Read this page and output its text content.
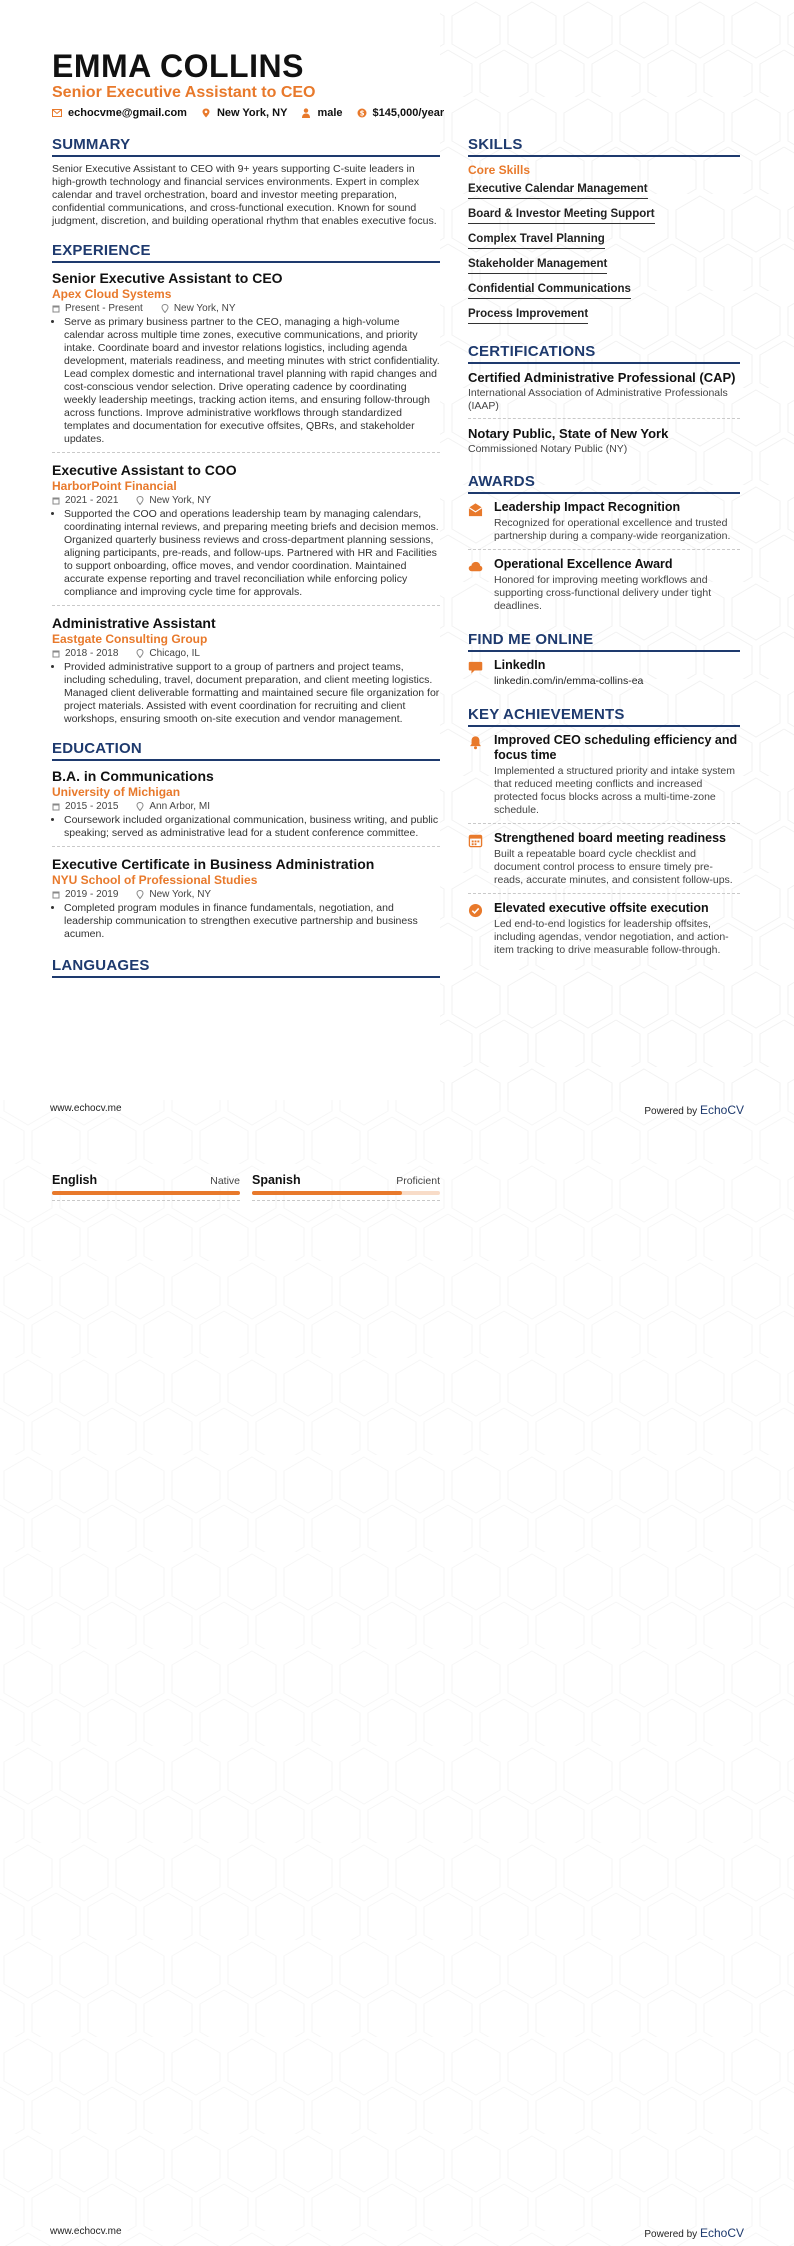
EMMA COLLINS
Senior Executive Assistant to CEO
echocvme@gmail.com	New York, NY	male $ $145,000/year
SUMMARY

Senior Executive Assistant to CEO with 9+ years supporting C-suite leaders in high-growth technology and financial services environments. Expert in complex calendar and travel orchestration, board and investor meeting preparation, confidential communications, and cross-functional execution. Known for sound judgment, discretion, and building operational rhythm that enables executive focus.

EXPERIENCE

Senior Executive Assistant to CEO

Apex Cloud Systems

Present - Present	New York, NY
• Serve as primary business partner to the CEO, managing a high-volume calendar across multiple time zones, executive communications, and priority intake. Coordinate board and investor relations logistics, including agenda development, materials readiness, and meeting minutes with strict confidentiality. Lead complex domestic and international travel planning with rapid changes and cost-conscious vendor selection. Drive operating cadence by coordinating weekly leadership meetings, tracking action items, and ensuring follow-through across functions. Improve administrative workflows through standardized templates and documentation for executive offsites, QBRs, and stakeholder updates.

Executive Assistant to COO

HarborPoint Financial

2021 - 2021	New York, NY
• Supported the COO and operations leadership team by managing calendars, coordinating internal reviews, and preparing meeting briefs and decision memos. Organized quarterly business reviews and cross-department planning sessions, aligning participants, pre-reads, and follow-ups. Partnered with HR and Facilities to support onboarding, office moves, and vendor coordination. Maintained accurate expense reporting and travel reconciliation while enforcing policy compliance and improving cycle time for approvals.

Administrative Assistant

Eastgate Consulting Group

2018 - 2018	Chicago, IL
• Provided administrative support to a group of partners and project teams, including scheduling, travel, document preparation, and client meeting logistics. Managed client deliverable formatting and maintained secure file organization for project materials. Assisted with event coordination for recruiting and client workshops, ensuring smooth on-site execution and vendor management.
EDUCATION

B.A. in Communications

University of Michigan

2015 - 2015	Ann Arbor, MI
• Coursework included organizational communication, business writing, and public speaking; served as administrative lead for a student conference committee.

Executive Certificate in Business Administration

NYU School of Professional Studies

2019 - 2019	New York, NY
• Completed program modules in finance fundamentals, negotiation, and leadership communication to strengthen executive partnership and business acumen.
LANGUAGES
SKILLS

Core Skills

Executive Calendar Management
Board & Investor Meeting Support
Complex Travel Planning
Stakeholder Management
Confidential Communications
Process Improvement
CERTIFICATIONS

Certified Administrative Professional (CAP)

International Association of Administrative Professionals (IAAP)

Notary Public, State of New York

Commissioned Notary Public (NY)

AWARDS

Leadership Impact Recognition

Recognized for operational excellence and trusted partnership during a company-wide reorganization.

Operational Excellence Award

Honored for improving meeting workflows and supporting cross-functional delivery under tight deadlines.

FIND ME ONLINE

LinkedIn

linkedin.com/in/emma-collins-ea

KEY ACHIEVEMENTS

Improved CEO scheduling efficiency and focus time

Implemented a structured priority and intake system that reduced meeting conflicts and increased protected focus blocks across a multi-time-zone schedule.

Strengthened board meeting readiness

Built a repeatable board cycle checklist and document control process to ensure timely pre-reads, accurate minutes, and consistent follow-ups.

Elevated executive offsite execution

Led end-to-end logistics for leadership offsites, including agendas, vendor negotiation, and action-item tracking to drive measurable follow-through.

www.echocv.me	Powered by EchoCV
English	Native Spanish	Proficient
www.echocv.me	Powered by EchoCV
